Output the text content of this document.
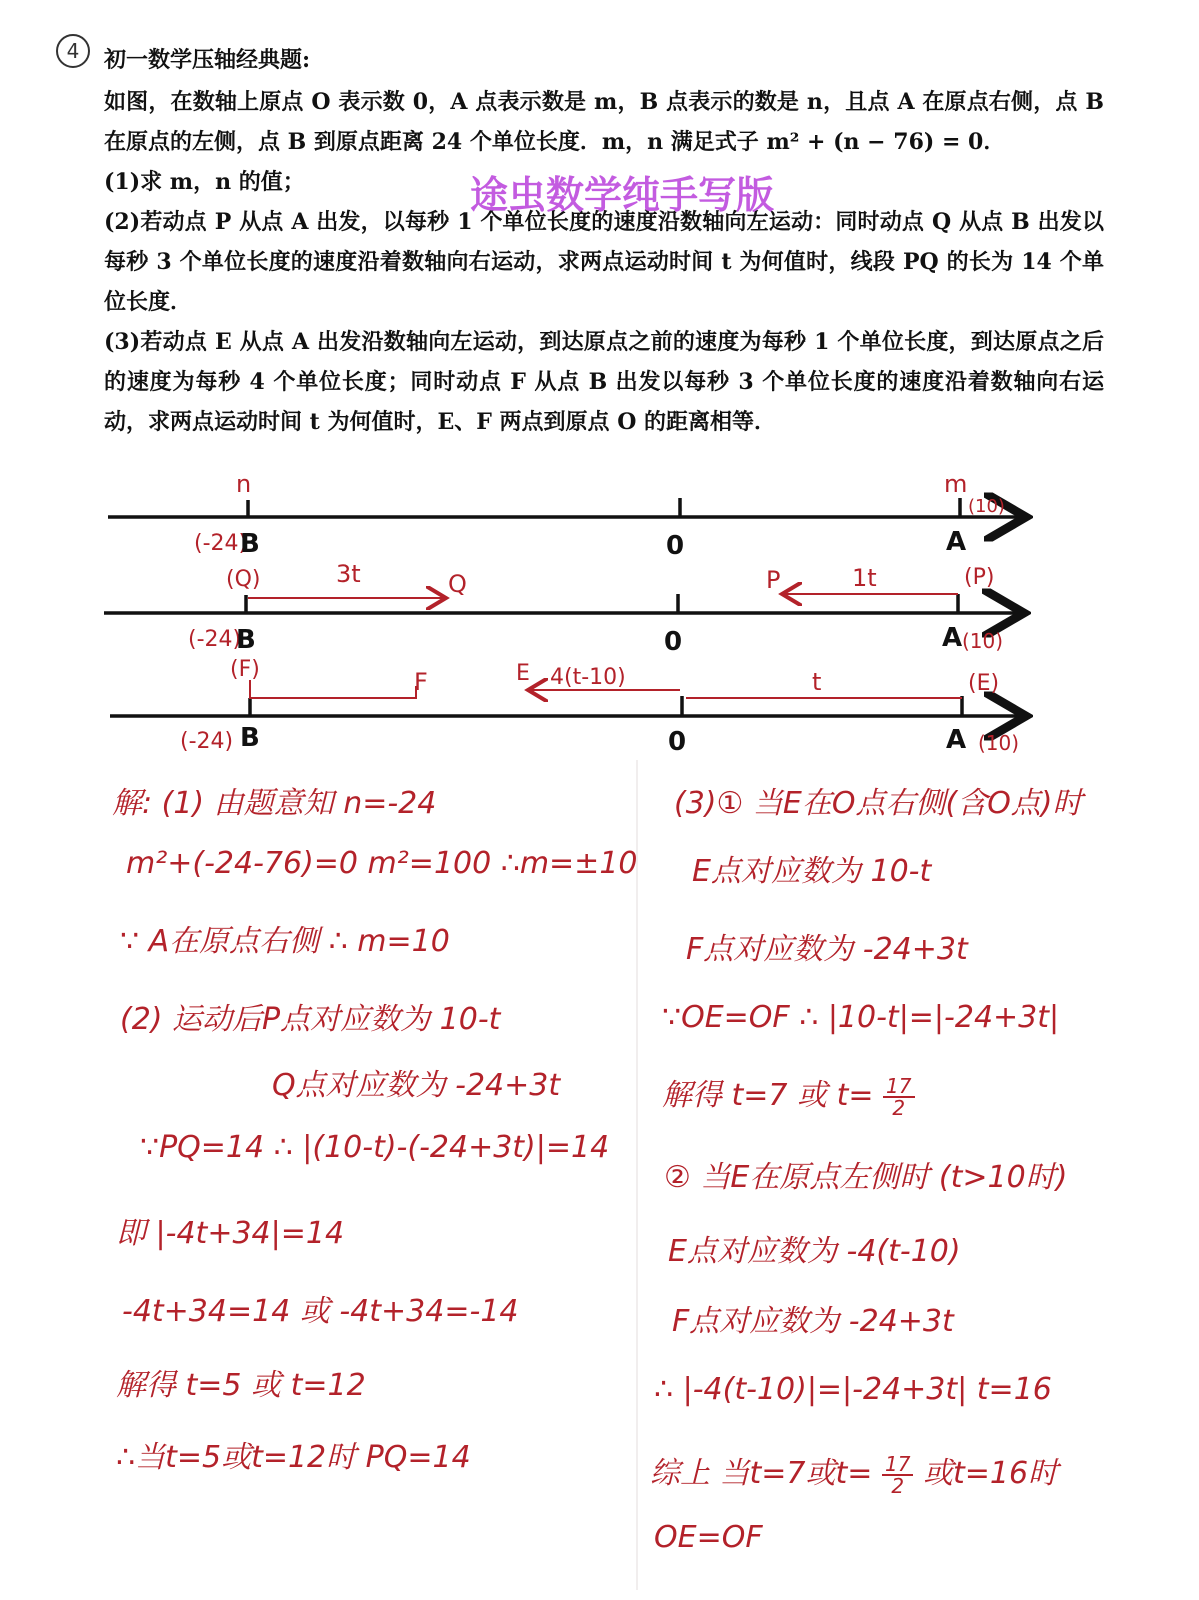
4	初一数学压轴经典题:

如图，在数轴上原点 O 表示数 0，A 点表示数是 m，B 点表示的数是 n，且点 A 在原点右侧，点 B 在原点的左侧，点 B 到原点距离 24 个单位长度．m，n 满足式子 m² + (n − 76) = 0．

(1)求 m，n 的值；

(2)若动点 P 从点 A 出发，以每秒 1 个单位长度的速度沿数轴向左运动：同时动点 Q 从点 B 出发以每秒 3 个单位长度的速度沿着数轴向右运动，求两点运动时间 t 为何值时，线段 PQ 的长为 14 个单位长度．

(3)若动点 E 从点 A 出发沿数轴向左运动，到达原点之前的速度为每秒 1 个单位长度，到达原点之后的速度为每秒 4 个单位长度；同时动点 F 从点 B 出发以每秒 3 个单位长度的速度沿着数轴向右运动，求两点运动时间 t 为何值时，E、F 两点到原点 O 的距离相等．

途虫数学纯手写版
n	m
(10)
(-24)
B	0	A
(Q)	3t	Q	P	1t	(P)
(-24)
B	0	A (10)
(F)	F	E 4(t-10)	t	(E)
(-24) B	0	A (10)
解: (1) 由题意知 n=-24
m²+(-24-76)=0 m²=100 ∴m=±10
∵ A在原点右侧 ∴ m=10
(2) 运动后P点对应数为 10-t
Q点对应数为 -24+3t
∵PQ=14 ∴ |(10-t)-(-24+3t)|=14
即 |-4t+34|=14
-4t+34=14 或 -4t+34=-14
解得 t=5 或 t=12
∴当t=5或t=12时 PQ=14
(3)① 当E在O点右侧(含O点)时
E点对应数为 10-t
F点对应数为 -24+3t
∵OE=OF ∴ |10-t|=|-24+3t|
解得 t=7 或 $t= \frac{17}{2}$
② 当E在原点左侧时 (t>10时)
E点对应数为 -4(t-10)
F点对应数为 -24+3t
∴ |-4(t-10)|=|-24+3t| t=16
综上 当t=7或$t= \frac{17}{2}$ 或t=16时
OE=OF
